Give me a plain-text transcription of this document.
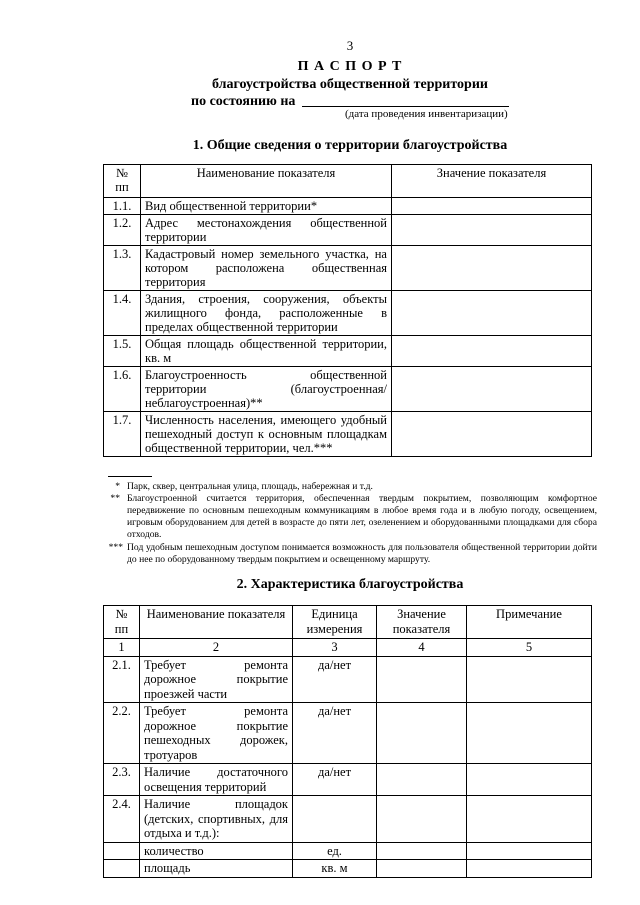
3
П А С П О Р Т
благоустройства общественной территории
по состоянию на
(дата проведения инвентаризации)
1. Общие сведения о территории благоустройства
№ пп	Наименование показателя	Значение показателя
1.1.	Вид общественной территории*	
1.2.	Адрес местонахождения общественной территории	
1.3.	Кадастровый номер земельного участка, на котором расположена общественная территория	
1.4.	Здания, строения, сооружения, объекты жилищного фонда, расположенные в пределах общественной территории	
1.5.	Общая площадь общественной территории, кв. м	
1.6.	Благоустроенность общественной территории (благоустроенная/ неблагоустроенная)**	
1.7.	Численность населения, имеющего удобный пешеходный доступ к основным площадкам общественной территории, чел.***	
* Парк, сквер, центральная улица, площадь, набережная и т.д.
** Благоустроенной считается территория, обеспеченная твердым покрытием, позволяющим комфортное передвижение по основным пешеходным коммуникациям в любое время года и в любую погоду, освещением, игровым оборудованием для детей в возрасте до пяти лет, озеленением и оборудованными площадками для сбора отходов.
*** Под удобным пешеходным доступом понимается возможность для пользователя общественной территории дойти до нее по оборудованному твердым покрытием и освещенному маршруту.
2. Характеристика благоустройства
№ пп	Наименование показателя	Единица измерения	Значение показателя	Примечание
1	2	3	4	5
2.1.	Требует ремонта дорожное покрытие проезжей части	да/нет		
2.2.	Требует ремонта дорожное покрытие пешеходных дорожек, тротуаров	да/нет		
2.3.	Наличие достаточного освещения территорий	да/нет		
2.4.	Наличие площадок (детских, спортивных, для отдыха и т.д.):			
	количество	ед.		
	площадь	кв. м		
